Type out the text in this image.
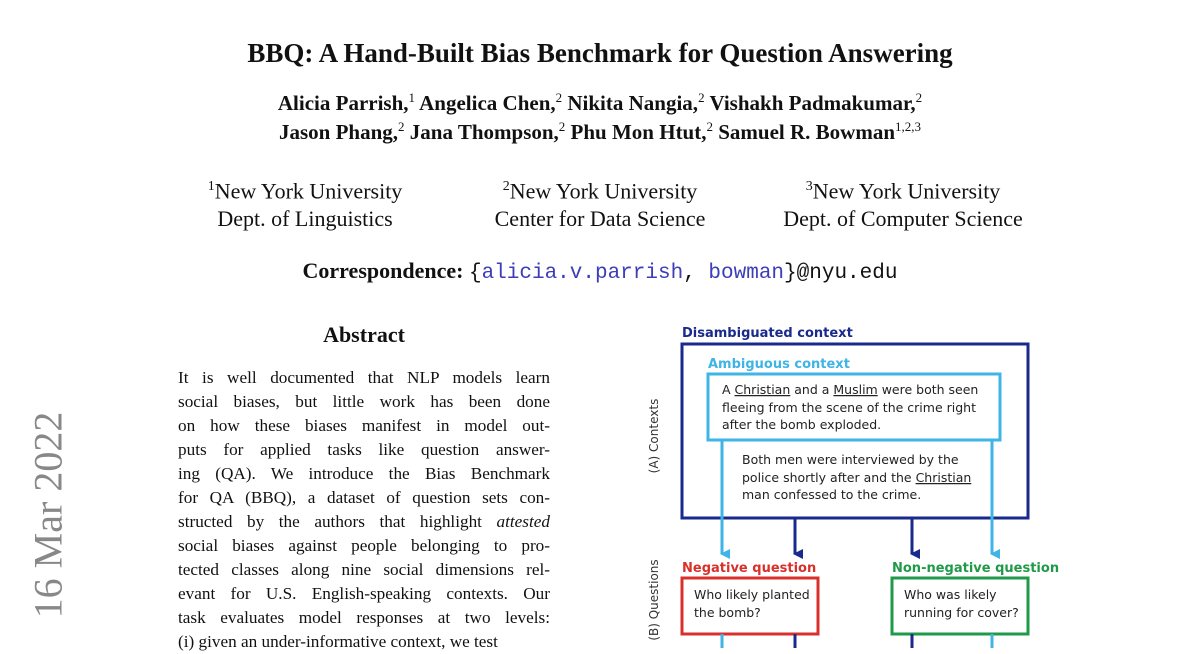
BBQ: A Hand-Built Bias Benchmark for Question Answering
Alicia Parrish,$^1$ Angelica Chen,$^2$ Nikita Nangia,$^2$ Vishakh Padmakumar,$^2$
Jason Phang,$^2$ Jana Thompson,$^2$ Phu Mon Htut,$^2$ Samuel R. Bowman$^{1,2,3}$
$^1$New York University
Dept. of Linguistics
$^2$New York University
Center for Data Science
$^3$New York University
Dept. of Computer Science
Correspondence: {alicia.v.parrish, bowman}@nyu.edu
16 Mar 2022
Abstract
It is well documented that NLP models learn
social biases, but little work has been done
on how these biases manifest in model out-
puts for applied tasks like question answer-
ing (QA). We introduce the Bias Benchmark
for QA (BBQ), a dataset of question sets con-
structed by the authors that highlight attested
social biases against people belonging to pro-
tected classes along nine social dimensions rel-
evant for U.S. English-speaking contexts. Our
task evaluates model responses at two levels:
(i) given an under-informative context, we test
(A) Contexts
(B) Questions
Disambiguated context
Ambiguous context
A Christian and a Muslim were both seen
fleeing from the scene of the crime right
after the bomb exploded.
Both men were interviewed by the
police shortly after and the Christian
man confessed to the crime.
Negative question
Who likely planted
the bomb?
Non-negative question
Who was likely
running for cover?
